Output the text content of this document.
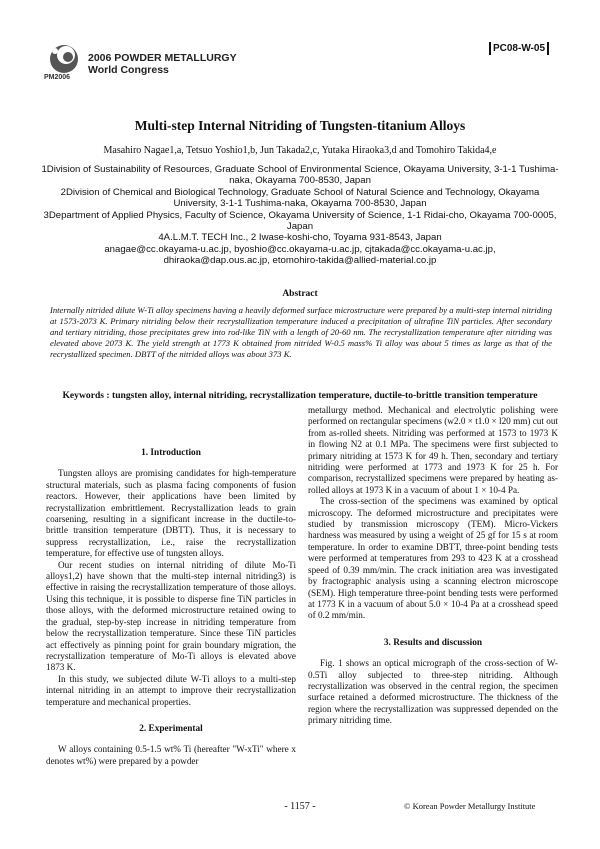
PM2006
2006 POWDER METALLURGY
World Congress
PC08-W-05
Multi-step Internal Nitriding of Tungsten-titanium Alloys
Masahiro Nagae1,a, Tetsuo Yoshio1,b, Jun Takada2,c, Yutaka Hiraoka3,d and Tomohiro Takida4,e

1Division of Sustainability of Resources, Graduate School of Environmental Science, Okayama University, 3-1-1 Tushima-naka, Okayama 700-8530, Japan

2Division of Chemical and Biological Technology, Graduate School of Natural Science and Technology, Okayama University, 3-1-1 Tushima-naka, Okayama 700-8530, Japan

3Department of Applied Physics, Faculty of Science, Okayama University of Science, 1-1 Ridai-cho, Okayama 700-0005, Japan

4A.L.M.T. TECH Inc., 2 Iwase-koshi-cho, Toyama 931-8543, Japan

anagae@cc.okayama-u.ac.jp, byoshio@cc.okayama-u.ac.jp, cjtakada@cc.okayama-u.ac.jp,

dhiraoka@dap.ous.ac.jp, etomohiro-takida@allied-material.co.jp

Abstract
Internally nitrided dilute W-Ti alloy specimens having a heavily deformed surface microstructure were prepared by a multi-step internal nitriding at 1573-2073 K. Primary nitriding below their recrystallization temperature induced a precipitation of ultrafine TiN particles. After secondary and tertiary nitriding, those precipitates grew into rod-like TiN with a length of 20-60 nm. The recrystallization temperature after nitriding was elevated above 2073 K. The yield strength at 1773 K obtained from nitrided W-0.5 mass% Ti alloy was about 5 times as large as that of the recrystallized specimen. DBTT of the nitrided alloys was about 373 K.
Keywords : tungsten alloy, internal nitriding, recrystallization temperature, ductile-to-brittle transition temperature

1. Introduction

Tungsten alloys are promising candidates for high-temperature structural materials, such as plasma facing components of fusion reactors. However, their applications have been limited by recrystallization embrittlement. Recrystallization leads to grain coarsening, resulting in a significant increase in the ductile-to-brittle transition temperature (DBTT). Thus, it is necessary to suppress recrystallization, i.e., raise the recrystallization temperature, for effective use of tungsten alloys.

Our recent studies on internal nitriding of dilute Mo-Ti alloys1,2) have shown that the multi-step internal nitriding3) is effective in raising the recrystallization temperature of those alloys. Using this technique, it is possible to disperse fine TiN particles in those alloys, with the deformed microstructure retained owing to the gradual, step-by-step increase in nitriding temperature from below the recrystallization temperature. Since these TiN particles act effectively as pinning point for grain boundary migration, the recrystallization temperature of Mo-Ti alloys is elevated above 1873 K.

In this study, we subjected dilute W-Ti alloys to a multi-step internal nitriding in an attempt to improve their recrystallization temperature and mechanical properties.

2. Experimental

W alloys containing 0.5-1.5 wt% Ti (hereafter "W-xTi" where x denotes wt%) were prepared by a powder

metallurgy method. Mechanical and electrolytic polishing were performed on rectangular specimens (w2.0 × t1.0 × l20 mm) cut out from as-rolled sheets. Nitriding was performed at 1573 to 1973 K in flowing N2 at 0.1 MPa. The specimens were first subjected to primary nitriding at 1573 K for 49 h. Then, secondary and tertiary nitriding were performed at 1773 and 1973 K for 25 h. For comparison, recrystallized specimens were prepared by heating as-rolled alloys at 1973 K in a vacuum of about 1 × 10-4 Pa.

The cross-section of the specimens was examined by optical microscopy. The deformed microstructure and precipitates were studied by transmission microscopy (TEM). Micro-Vickers hardness was measured by using a weight of 25 gf for 15 s at room temperature. In order to examine DBTT, three-point bending tests were performed at temperatures from 293 to 423 K at a crosshead speed of 0.39 mm/min. The crack initiation area was investigated by fractographic analysis using a scanning electron microscope (SEM). High temperature three-point bending tests were performed at 1773 K in a vacuum of about 5.0 × 10-4 Pa at a crosshead speed of 0.2 mm/min.

3. Results and discussion

Fig. 1 shows an optical micrograph of the cross-section of W-0.5Ti alloy subjected to three-step nitriding. Although recrystallization was observed in the central region, the specimen surface retained a deformed microstructure. The thickness of the region where the recrystallization was suppressed depended on the primary nitriding time.

- 1157 -	© Korean Powder Metallurgy Institute
